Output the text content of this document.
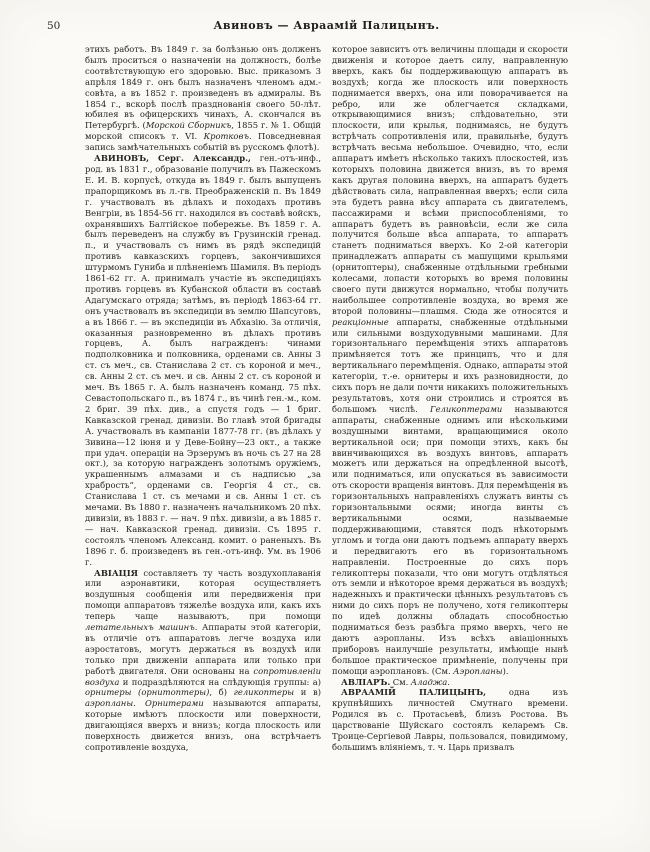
50	Авиновъ — Авраамій Палицынъ.

этихъ работъ. Въ 1849 г. за болѣзнью онъ долженъ былъ проситься о назначеніи на должность, болѣе соотвѣтствующую его здоровью. Выс. приказомъ 3 апрѣля 1849 г. онъ былъ назначенъ членомъ адм.-совѣта, а въ 1852 г. произведенъ въ адмиралы. Въ 1854 г., вскорѣ послѣ празднованія своего 50-лѣт. юбилея въ офицерскихъ чинахъ, А. скончался въ Петербургѣ. (Морской Сборникъ, 1855 г. № 1. Общій морской списокъ т. VI. Кротковъ. Повседневная запись замѣчательныхъ событій въ русскомъ флотѣ).

АВИНОВЪ, Серг. Александр., ген.-отъ-инф., род. въ 1831 г., образованіе получилъ въ Пажескомъ Е. И. В. корпусѣ, откуда въ 1849 г. былъ выпущенъ прапорщикомъ въ л.-гв. Преображенскій п. Въ 1849 г. участвовалъ въ дѣлахъ и походахъ противъ Венгріи, въ 1854-56 гг. находился въ составѣ войскъ, охранявшихъ Балтійское побережье. Въ 1859 г. А. былъ переведенъ на службу въ Грузинскій гренад. п., и участвовалъ съ нимъ въ рядѣ экспедицій противъ кавказскихъ горцевъ, закончившихся штурмомъ Гуниба и плѣненіемъ Шамиля. Въ періодъ 1861-62 гг. А. принималъ участіе въ экспедиціяхъ противъ горцевъ въ Кубанской области въ составѣ Адагумскаго отряда; затѣмъ, въ періодѣ 1863-64 гг. онъ участвовалъ въ экспедиціи въ землю Шапсуговъ, а въ 1866 г. — въ экспедиціи въ Абхазію. За отличія, оказанныя разновременно въ дѣлахъ противъ горцевъ, А. былъ награжденъ: чинами подполковника и полковника, орденами св. Анны 3 ст. съ меч., св. Станислава 2 ст. съ короной и меч., св. Анны 2 ст. съ меч. и св. Анны 2 ст. съ короной и меч. Въ 1865 г. А. былъ назначенъ команд. 75 пѣх. Севастопольскаго п., въ 1874 г., въ чинѣ ген.-м., ком. 2 бриг. 39 пѣх. див., а спустя годъ — 1 бриг. Кавказской гренад. дивизіи. Во главѣ этой бригады А. участвовалъ въ кампаніи 1877-78 гг. (въ дѣлахъ у Зивина—12 іюня и у Деве-Бойну—23 окт., а также при удач. операціи на Эрзерумъ въ ночь съ 27 на 28 окт.), за которую награжденъ золотымъ оружіемъ, украшеннымъ алмазами и съ надписью „за храбрость“, орденами св. Георгія 4 ст., св. Станислава 1 ст. съ мечами и св. Анны 1 ст. съ мечами. Въ 1880 г. назначенъ начальникомъ 20 пѣх. дивизіи, въ 1883 г. — нач. 9 пѣх. дивизіи, а въ 1885 г. — нач. Кавказской гренад. дивизіи. Съ 1895 г. состоялъ членомъ Александ. комит. о раненыхъ. Въ 1896 г. б. произведенъ въ ген.-отъ-инф. Ум. въ 1906 г.

АВІАЦІЯ составляетъ ту часть воздухоплаванія или аэронавтики, которая осуществляетъ воздушныя сообщенія или передвиженія при помощи аппаратовъ тяжелѣе воздуха или, какъ ихъ теперь чаще называютъ, при помощи летательныхъ машинъ. Аппараты этой категоріи, въ отличіе отъ аппаратовъ легче воздуха или аэростатовъ, могутъ держаться въ воздухѣ или только при движеніи аппарата или только при работѣ двигателя. Они основаны на сопротивленіи воздуха и подраздѣляются на слѣдующія группы: а) орнитеры (орнитоптеры), б) геликоптеры и в) аэропланы. Орнитерами называются аппараты, которые имѣютъ плоскости или поверхности, двигающіяся вверхъ и внизъ; когда плоскость или поверхность движется внизъ, она встрѣчаетъ сопротивленіе воздуха,

которое зависитъ отъ величины площади и скорости движенія и которое даетъ силу, направленную вверхъ, какъ бы поддерживающую аппаратъ въ воздухѣ; когда же плоскость или поверхность поднимается вверхъ, она или поворачивается на ребро, или же облегчается складками, открывающимися внизъ; слѣдовательно, эти плоскости, или крылья, поднимаясь, не будутъ встрѣчать сопротивленія или, правильнѣе, будутъ встрѣчать весьма небольшое. Очевидно, что, если аппаратъ имѣетъ нѣсколько такихъ плоскостей, изъ которыхъ половина движется внизъ, въ то время какъ другая половина вверхъ, на аппаратъ будетъ дѣйствовать сила, направленная вверхъ; если сила эта будетъ равна вѣсу аппарата съ двигателемъ, пассажирами и всѣми приспособленіями, то аппаратъ будетъ въ равновѣсіи, если же сила получится больше вѣса аппарата, то аппаратъ станетъ подниматься вверхъ. Ко 2-ой категоріи принадлежатъ аппараты съ машущими крыльями (орнитоптеры), снабженные отдѣльными гребными колесами, лопасти которыхъ во время половины своего пути движутся нормально, чтобы получить наибольшее сопротивленіе воздуха, во время же второй половины—плашмя. Сюда же относятся и реакціонные аппараты, снабженные отдѣльными или сильными воздуходувными машинами. Для горизонтальнаго перемѣщенія этихъ аппаратовъ примѣняется тотъ же принципъ, что и для вертикальнаго перемѣщенія. Однако, аппараты этой категоріи, т.-е. орнитеры и ихъ разновидности, до сихъ поръ не дали почти никакихъ положительныхъ результатовъ, хотя они строились и строятся въ большомъ числѣ. Геликоптерами называются аппараты, снабженные однимъ или нѣсколькими воздушными винтами, вращающимися около вертикальной оси; при помощи этихъ, какъ бы ввинчивающихся въ воздухъ винтовъ, аппаратъ можетъ или держаться на опредѣленной высотѣ, или подниматься, или опускаться въ зависимости отъ скорости вращенія винтовъ. Для перемѣщенія въ горизонтальныхъ направленіяхъ служатъ винты съ горизонтальными осями; иногда винты съ вертикальными осями, называемые поддерживающими, ставятся подъ нѣкоторымъ угломъ и тогда они даютъ подъемъ аппарату вверхъ и передвигаютъ его въ горизонтальномъ направленіи. Построенные до сихъ поръ геликоптеры показали, что они могутъ отдѣляться отъ земли и нѣкоторое время держаться въ воздухѣ; надежныхъ и практически цѣнныхъ результатовъ съ ними до сихъ поръ не получено, хотя геликоптеры по идеѣ должны обладать способностью подниматься безъ разбѣга прямо вверхъ, чего не даютъ аэропланы. Изъ всѣхъ авіаціонныхъ приборовъ наилучшіе результаты, имѣющіе нынѣ большое практическое примѣненіе, получены при помощи аэроплановъ. (См. Аэропланы).

АВЛІАРЪ. См. Аладжа.

АВРААМІЙ ПАЛИЦЫНЪ, одна изъ крупнѣйшихъ личностей Смутнаго времени. Родился въ с. Протасьевѣ, близъ Ростова. Въ царствованіе Шуйскаго состоялъ келаремъ Св. Троице-Сергіевой Лавры, пользовался, повидимому, большимъ вліяніемъ, т. ч. Царь призвалъ
